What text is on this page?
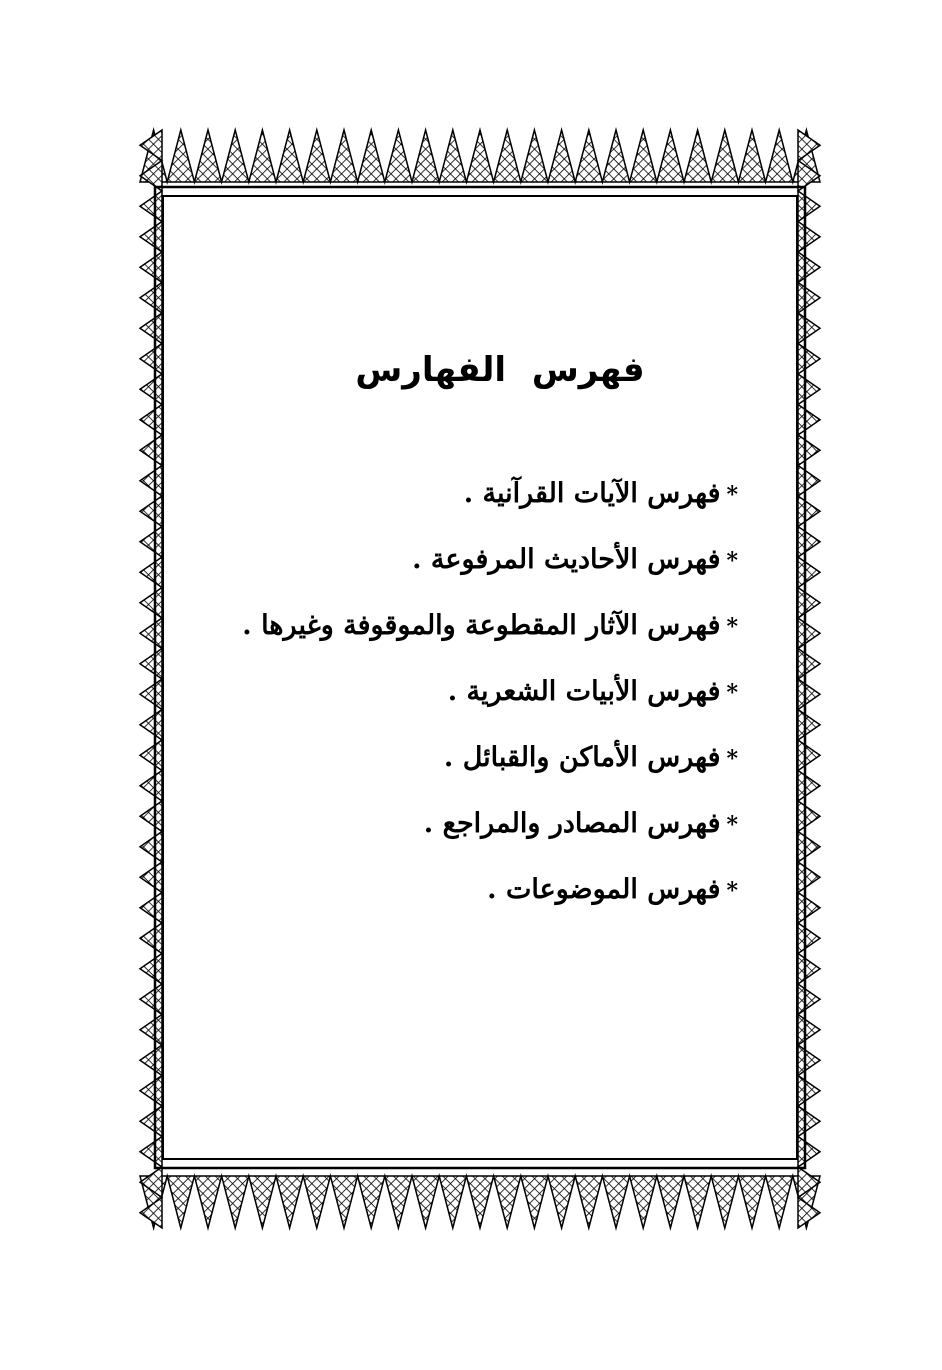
فهرس الفهارس
*فهرس الآيات القرآنية .
*فهرس الأحاديث المرفوعة .
*فهرس الآثار المقطوعة والموقوفة وغيرها .
*فهرس الأبيات الشعرية .
*فهرس الأماكن والقبائل .
*فهرس المصادر والمراجع .
*فهرس الموضوعات .
